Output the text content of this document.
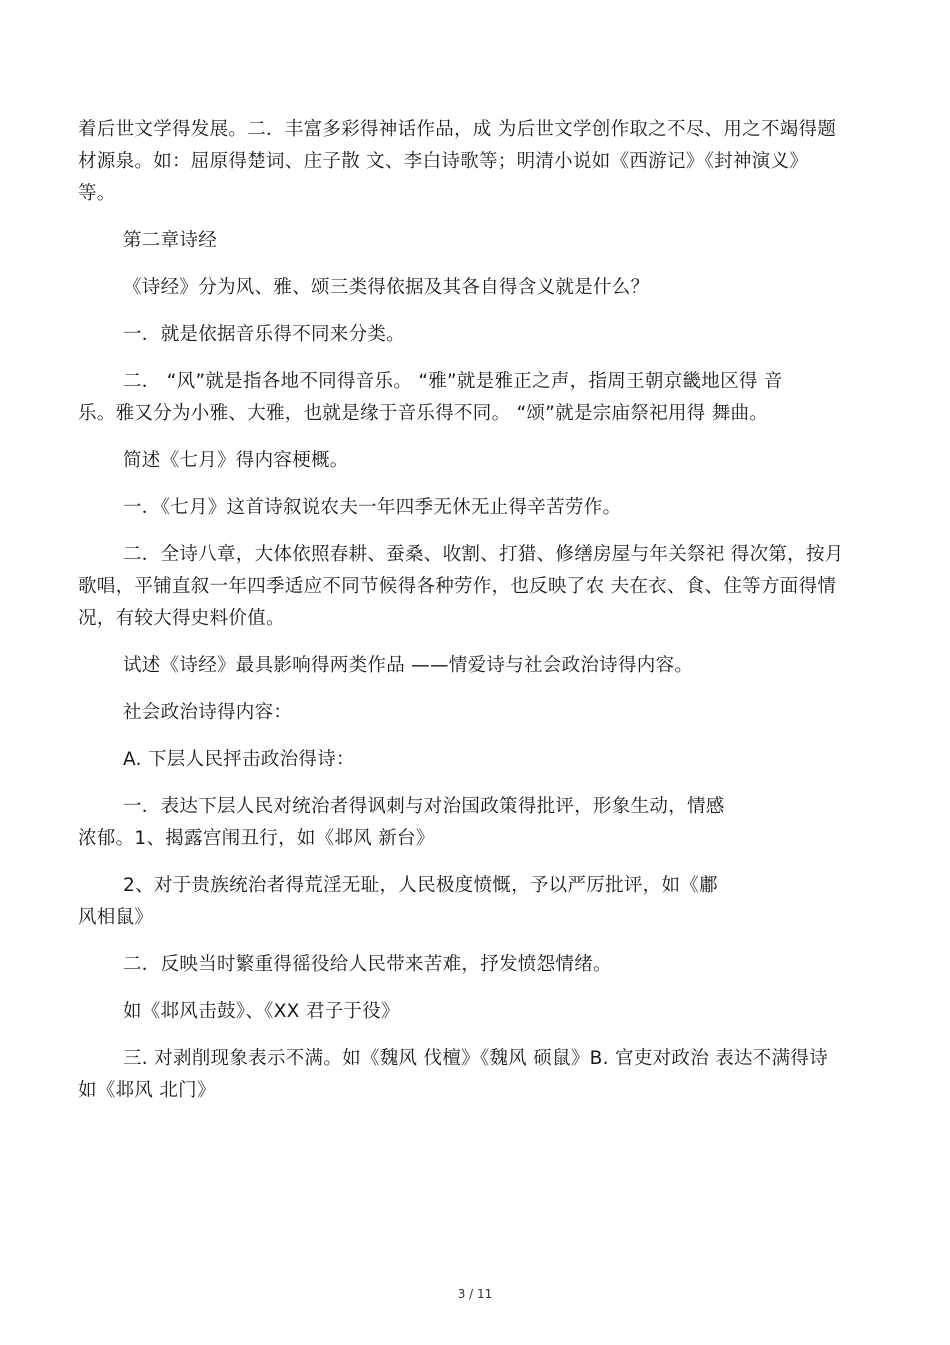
着后世文学得发展。二．丰富多彩得神话作品，成 为后世文学创作取之不尽、用之不竭得题
材源泉。如：屈原得楚词、庄子散 文、李白诗歌等；明清小说如《西游记》《封神演义》
等。

第二章诗经

《诗经》分为风、雅、颂三类得依据及其各自得含义就是什么？

一．就是依据音乐得不同来分类。

二． “风”就是指各地不同得音乐。 “雅”就是雅正之声，指周王朝京畿地区得 音
乐。雅又分为小雅、大雅，也就是缘于音乐得不同。 “颂”就是宗庙祭祀用得 舞曲。

简述《七月》得内容梗概。

一．《七月》这首诗叙说农夫一年四季无休无止得辛苦劳作。

二．全诗八章，大体依照春耕、蚕桑、收割、打猎、修缮房屋与年关祭祀 得次第，按月
歌唱，平铺直叙一年四季适应不同节候得各种劳作，也反映了农 夫在衣、食、住等方面得情
况，有较大得史料价值。

试述《诗经》最具影响得两类作品 ——情爱诗与社会政治诗得内容。

社会政治诗得内容：

A. 下层人民抨击政治得诗：

一．表达下层人民对统治者得讽刺与对治国政策得批评，形象生动，情感
浓郁。1、揭露宫闱丑行，如《邶风 新台》

2、对于贵族统治者得荒淫无耻，人民极度愤慨，予以严厉批评，如《鄘
风相鼠》

二．反映当时繁重得徭役给人民带来苦难，抒发愤怨情绪。

如《邶风击鼓》、《XX 君子于役》

三. 对剥削现象表示不满。如《魏风 伐檀》《魏风 硕鼠》B. 官吏对政治 表达不满得诗
如《邶风 北门》

3 / 11
